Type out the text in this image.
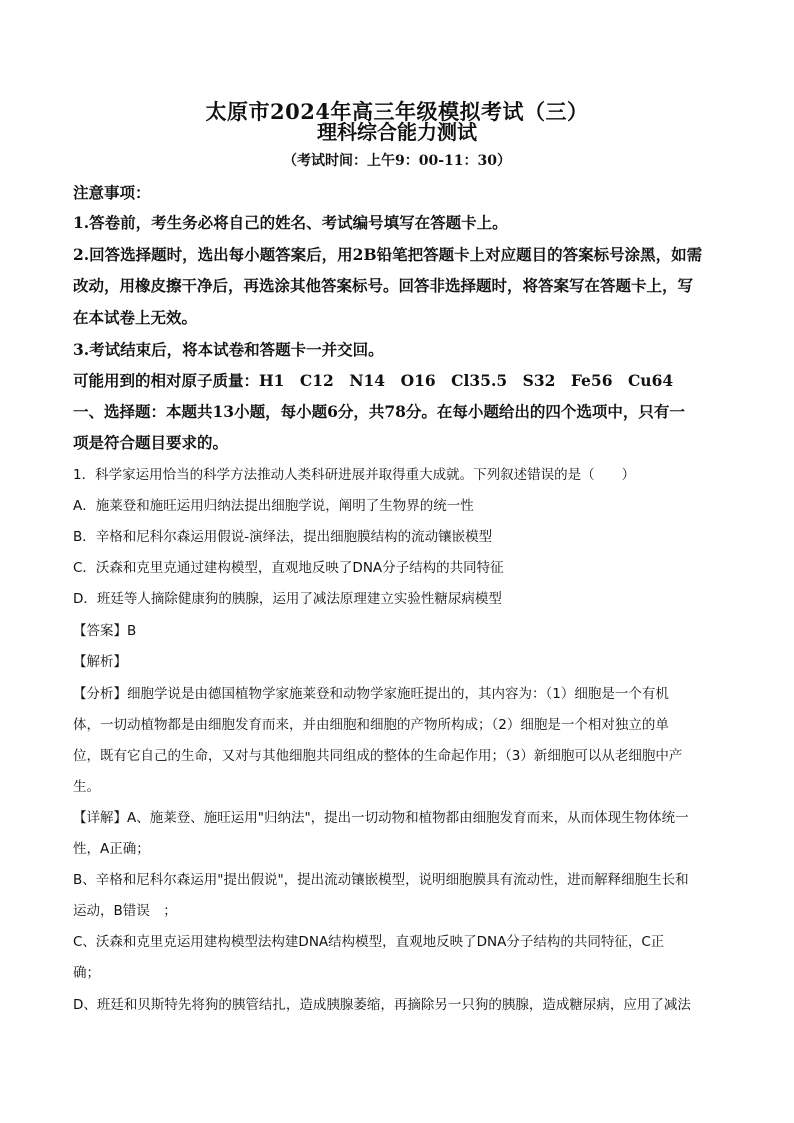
太原市2024年高三年级模拟考试（三）
理科综合能力测试
（考试时间：上午9：00-11：30）
注意事项：
1.答卷前，考生务必将自己的姓名、考试编号填写在答题卡上。
2.回答选择题时，选出每小题答案后，用2B铅笔把答题卡上对应题目的答案标号涂黑，如需
改动，用橡皮擦干净后，再选涂其他答案标号。回答非选择题时，将答案写在答题卡上，写
在本试卷上无效。
3.考试结束后，将本试卷和答题卡一并交回。
可能用到的相对原子质量：H1　C12　N14　O16　Cl35.5　S32　Fe56　Cu64
一、选择题：本题共13小题，每小题6分，共78分。在每小题给出的四个选项中，只有一
项是符合题目要求的。
1．科学家运用恰当的科学方法推动人类科研进展并取得重大成就。下列叙述错误的是（　　）
A．施莱登和施旺运用归纳法提出细胞学说，阐明了生物界的统一性
B．辛格和尼科尔森运用假说-演绎法，提出细胞膜结构的流动镶嵌模型
C．沃森和克里克通过建构模型，直观地反映了DNA分子结构的共同特征
D．班廷等人摘除健康狗的胰腺，运用了减法原理建立实验性糖尿病模型
【答案】B
【解析】
【分析】细胞学说是由德国植物学家施莱登和动物学家施旺提出的，其内容为：（1）细胞是一个有机
体，一切动植物都是由细胞发育而来，并由细胞和细胞的产物所构成；（2）细胞是一个相对独立的单
位，既有它自己的生命，又对与其他细胞共同组成的整体的生命起作用；（3）新细胞可以从老细胞中产
生。
【详解】A、施莱登、施旺运用"归纳法"，提出一切动物和植物都由细胞发育而来，从而体现生物体统一
性，A正确；
B、辛格和尼科尔森运用"提出假说"，提出流动镶嵌模型，说明细胞膜具有流动性，进而解释细胞生长和
运动，B错误　；
C、沃森和克里克运用建构模型法构建DNA结构模型，直观地反映了DNA分子结构的共同特征，C正
确；
D、班廷和贝斯特先将狗的胰管结扎，造成胰腺萎缩，再摘除另一只狗的胰腺，造成糖尿病，应用了减法
